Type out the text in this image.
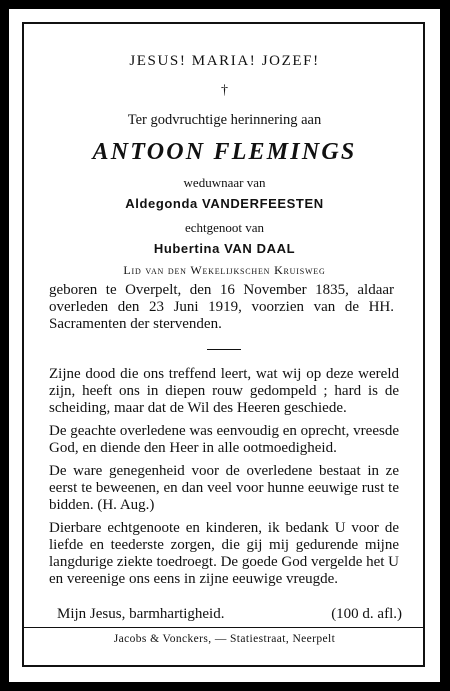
JESUS! MARIA! JOZEF!
†
Ter godvruchtige herinnering aan
ANTOON FLEMINGS
weduwnaar van
Aldegonda VANDERFEESTEN
echtgenoot van
Hubertina VAN DAAL
Lid van den Wekelijkschen Kruisweg
geboren te Overpelt, den 16 November 1835, aldaar overleden den 23 Juni 1919, voorzien van de HH. Sacramenten der stervenden.

Zijne dood die ons treffend leert, wat wij op deze wereld zijn, heeft ons in diepen rouw gedompeld ; hard is de scheiding, maar dat de Wil des Heeren geschiede.

De geachte overledene was eenvoudig en oprecht, vreesde God, en diende den Heer in alle ootmoedigheid.

De ware genegenheid voor de overledene bestaat in ze eerst te beweenen, en dan veel voor hunne eeuwige rust te bidden. (H. Aug.)

Dierbare echtgenoote en kinderen, ik bedank U voor de liefde en teederste zorgen, die gij mij gedurende mijne langdurige ziekte toedroegt. De goede God vergelde het U en vereenige ons eens in zijne eeuwige vreugde.

Mijn Jesus, barmhartigheid.	(100 d. afl.)
Jacobs & Vonckers, — Statiestraat, Neerpelt
